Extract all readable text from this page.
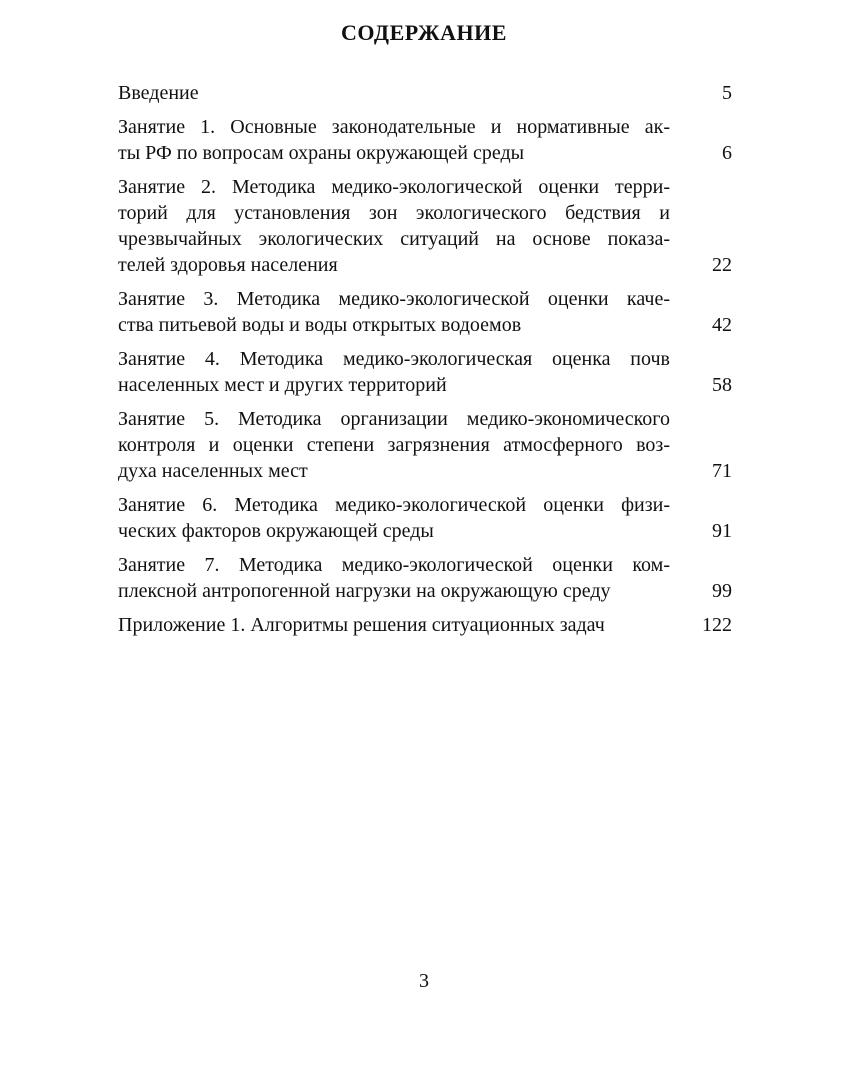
СОДЕРЖАНИЕ
Введение	5
Занятие 1. Основные законодательные и нормативные ак-
ты РФ по вопросам охраны окружающей среды	6
Занятие 2. Методика медико-экологической оценки терри-
торий для установления зон экологического бедствия и
чрезвычайных экологических ситуаций на основе показа-
телей здоровья населения	22
Занятие 3. Методика медико-экологической оценки каче-
ства питьевой воды и воды открытых водоемов	42
Занятие 4. Методика медико-экологическая оценка почв
населенных мест и других территорий	58
Занятие 5. Методика организации медико-экономического
контроля и оценки степени загрязнения атмосферного воз-
духа населенных мест	71
Занятие 6. Методика медико-экологической оценки физи-
ческих факторов окружающей среды	91
Занятие 7. Методика медико-экологической оценки ком-
плексной антропогенной нагрузки на окружающую среду	99
Приложение 1. Алгоритмы решения ситуационных задач	122
3
